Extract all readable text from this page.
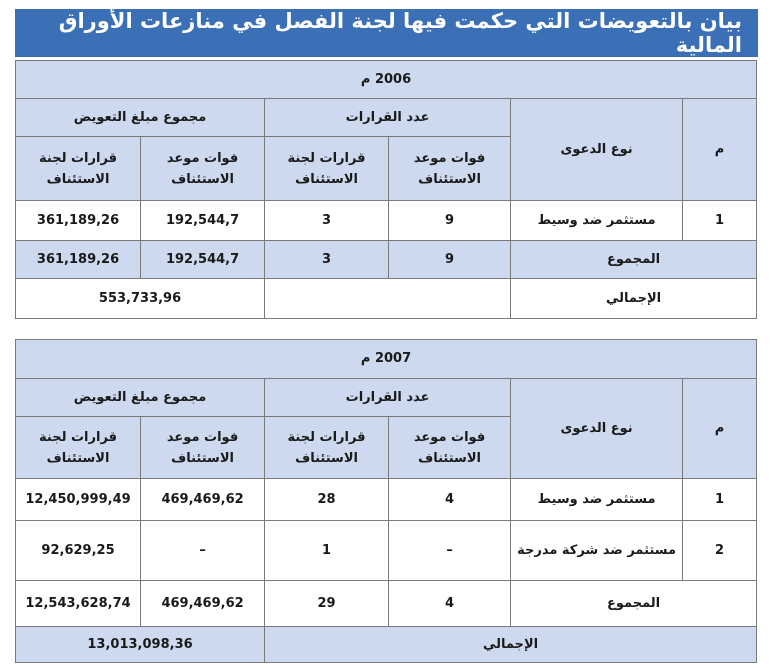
بيان بالتعويضات التي حكمت فيها لجنة الفصل في منازعات الأوراق المالية
2006 م					
م	نوع الدعوى	عدد القرارات		مجموع مبلغ التعويض	
		فوات موعد الاستئناف	قرارات لجنة الاستئناف	فوات موعد الاستئناف	قرارات لجنة الاستئناف
1	مستثمر ضد وسيط	9	3	192,544,7	361,189,26
المجموع		9	3	192,544,7	361,189,26
الإجمالي				553,733,96	
2007 م					
م	نوع الدعوى	عدد القرارات		مجموع مبلغ التعويض	
		فوات موعد الاستئناف	قرارات لجنة الاستئناف	فوات موعد الاستئناف	قرارات لجنة الاستئناف
1	مستثمر ضد وسيط	4	28	469,469,62	12,450,999,49
2	مستثمر ضد شركة مدرجة	–	1	–	92,629,25
المجموع		4	29	469,469,62	12,543,628,74
الإجمالي				13,013,098,36	
